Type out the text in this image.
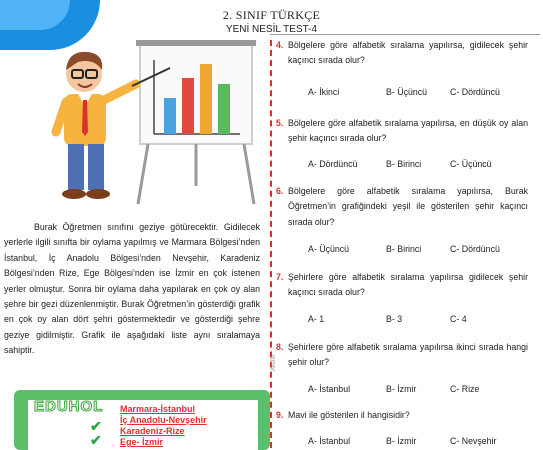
2. SINIF TÜRKÇE
YENİ NESİL TEST-4
Aktifle

Burak Öğretmen sınıfını geziye götürecektir. Gidilecek yerlerle ilgili sınıfta bir oylama yapılmış ve Marmara Bölgesi’nden İstanbul, İç Anadolu Bölgesi’nden Nevşehir, Karadeniz Bölgesi’nden Rize, Ege Bölgesi’nden ise İzmir en çok istenen yerler olmuştur. Sonra bir oylama daha yapılarak en çok oy alan şehre bir gezi düzenlenmiştir. Burak Öğretmen’in gösterdiği grafik en çok oy alan dört şehri göstermektedir ve gösterdiği şehre geziye gidilmiştir. Grafik ile aşağıdaki liste aynı sıralamaya sahiptir.

EDUHOL
✔
✔
Marmara-İstanbul
İç Anadolu-Nevşehir
Karadeniz-Rize
Ege- İzmir
4. Bölgelere göre alfabetik sıralama yapılırsa, gidilecek şehir kaçıncı sırada olur?
A- İkinci	B- Üçüncü	C- Dördüncü
5. Bölgelere göre alfabetik sıralama yapılırsa, en düşük oy alan şehir kaçıncı sırada olur?
A- Dördüncü	B- Birinci	C- Üçüncü
6. Bölgelere göre alfabetik sıralama yapılırsa, Burak Öğretmen’in grafiğindeki yeşil ile gösterilen şehir kaçıncı sırada olur?
A- Üçüncü	B- Birinci	C- Dördüncü
7. Şehirlere göre alfabetik sıralama yapılırsa gidilecek şehir kaçıncı sırada olur?
A- 1	B- 3	C- 4
8. Şehirlere göre alfabetik sıralama yapılırsa ikinci sırada hangi şehir olur?
A- İstanbul	B- İzmir	C- Rize
9. Mavi ile gösterilen il hangisidir?
A- İstanbul	B- İzmir	C- Nevşehir
